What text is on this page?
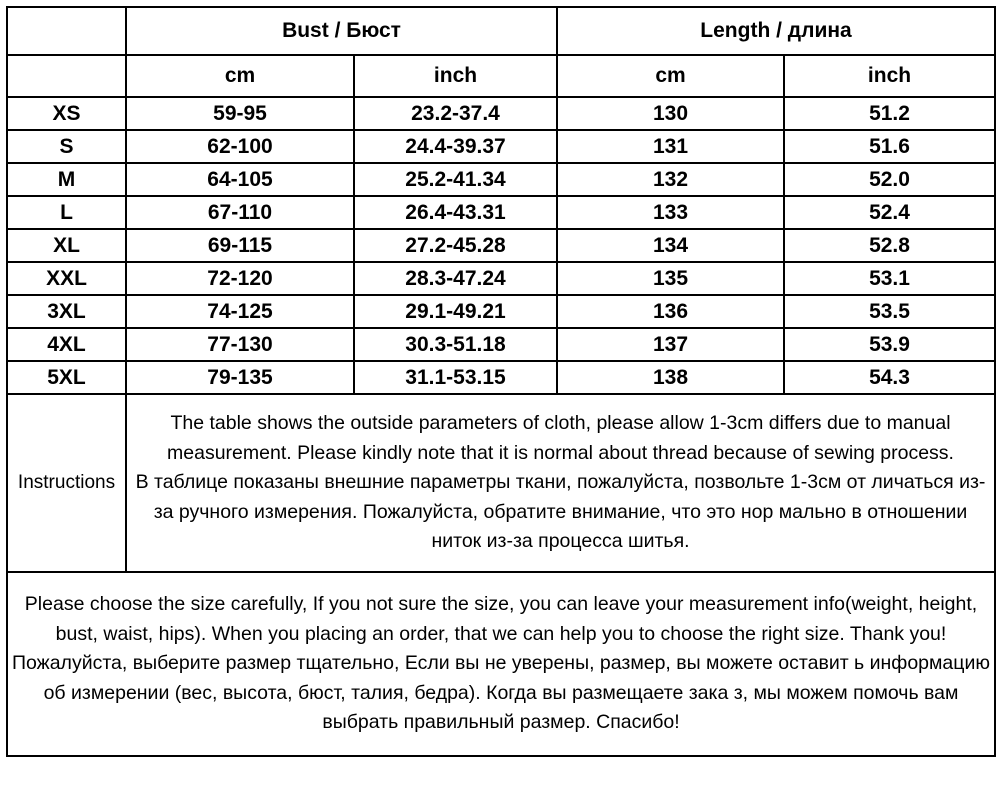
	Bust / Бюст		Length / длина	
	cm	inch	cm	inch
XS	59-95	23.2-37.4	130	51.2
S	62-100	24.4-39.37	131	51.6
M	64-105	25.2-41.34	132	52.0
L	67-110	26.4-43.31	133	52.4
XL	69-115	27.2-45.28	134	52.8
XXL	72-120	28.3-47.24	135	53.1
3XL	74-125	29.1-49.21	136	53.5
4XL	77-130	30.3-51.18	137	53.9
5XL	79-135	31.1-53.15	138	54.3
Instructions	The table shows the outside parameters of cloth, please allow 1-3cm differs due to manual measurement. Please kindly note that it is normal about thread because of sewing process.
В таблице показаны внешние параметры ткани, пожалуйста, позвольте 1-3см от личаться из-за ручного измерения. Пожалуйста, обратите внимание, что это нор мально в отношении ниток из-за процесса шитья.			

Please choose the size carefully, If you not sure the size, you can leave your measurement info(weight, height, bust, waist, hips). When you placing an order, that we can help you to choose the right size. Thank you!
Пожалуйста, выберите размер тщательно, Если вы не уверены, размер, вы можете оставит ь информацию об измерении (вес, высота, бюст, талия, бедра). Когда вы размещаете зака з, мы можем помочь вам выбрать правильный размер. Спасибо!				
